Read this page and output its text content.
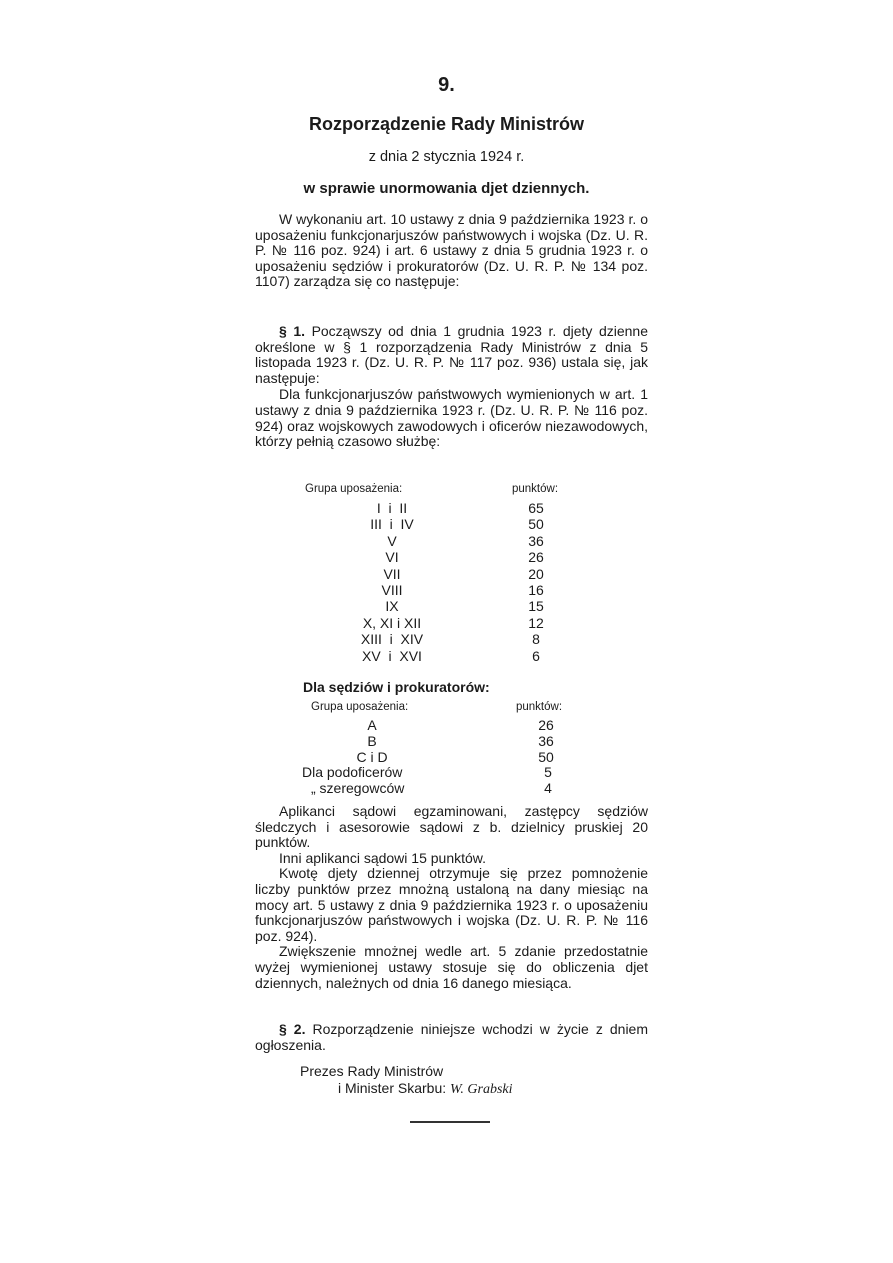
9.
Rozporządzenie Rady Ministrów
z dnia 2 stycznia 1924 r.
w sprawie unormowania djet dziennych.

W wykonaniu art. 10 ustawy z dnia 9 października 1923 r. o uposażeniu funkcjonarjuszów państwowych i wojska (Dz. U. R. P. № 116 poz. 924) i art. 6 ustawy z dnia 5 grudnia 1923 r. o uposażeniu sędziów i prokuratorów (Dz. U. R. P. № 134 poz. 1107) zarządza się co następuje:

§ 1. Począwszy od dnia 1 grudnia 1923 r. djety dzienne określone w § 1 rozporządzenia Rady Ministrów z dnia 5 listopada 1923 r. (Dz. U. R. P. № 117 poz. 936) ustala się, jak następuje:

Dla funkcjonarjuszów państwowych wymienionych w art. 1 ustawy z dnia 9 października 1923 r. (Dz. U. R. P. № 116 poz. 924) oraz wojskowych zawodowych i oficerów niezawodowych, którzy pełnią czasowo służbę:

Grupa uposażenia:	punktów:
I  i  II	65
III  i  IV	50
V	36
VI	26
VII	20
VIII	16
IX	15
X, XI i XII	12
XIII  i  XIV	8
XV  i  XVI	6
Dla sędziów i prokuratorów:
Grupa uposażenia:	punktów:
A	26
B	36
C i D	50
Dla podoficerów	5
„ szeregowców	4

Aplikanci sądowi egzaminowani, zastępcy sędziów śledczych i asesorowie sądowi z b. dzielnicy pruskiej 20 punktów.

Inni aplikanci sądowi 15 punktów.

Kwotę djety dziennej otrzymuje się przez pomnożenie liczby punktów przez mnożną ustaloną na dany miesiąc na mocy art. 5 ustawy z dnia 9 października 1923 r. o uposażeniu funkcjonarjuszów państwowych i wojska (Dz. U. R. P. № 116 poz. 924).

Zwiększenie mnożnej wedle art. 5 zdanie przedostatnie wyżej wymienionej ustawy stosuje się do obliczenia djet dziennych, należnych od dnia 16 danego miesiąca.

§ 2. Rozporządzenie niniejsze wchodzi w życie z dniem ogłoszenia.

Prezes Rady Ministrów
i Minister Skarbu: W. Grabski
